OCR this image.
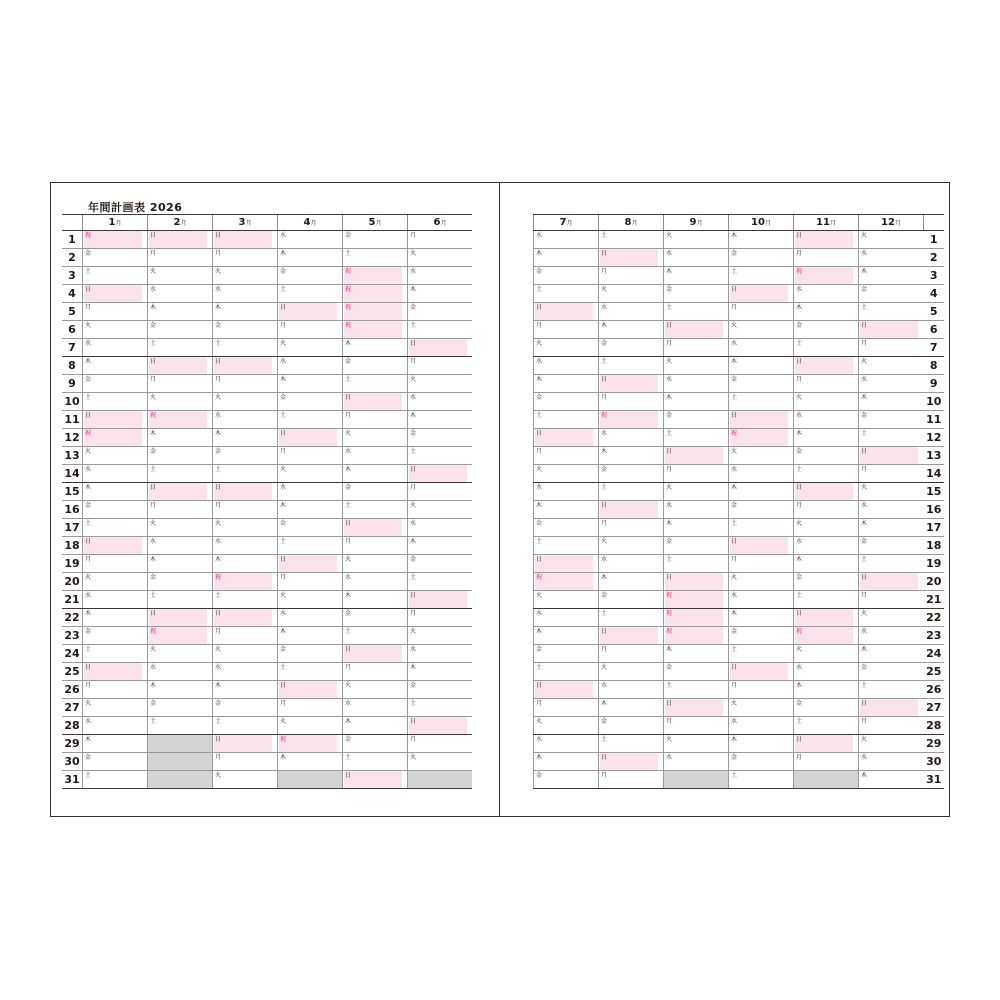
年間計画表 2026
	1月	2月	3月	4月	5月	6月
1	祝	日	日	水	金	月

2	金	月	月	木	土	火

3	土	火	火	金	祝	水

4	日	水	水	土	祝	木

5	月	木	木	日	祝	金

6	火	金	金	月	祝	土

7	水	土	土	火	木	日

8	木	日	日	水	金	月

9	金	月	月	木	土	火

10	土	火	火	金	日	水

11	日	祝	水	土	月	木

12	祝	木	木	日	火	金

13	火	金	金	月	水	土

14	水	土	土	火	木	日

15	木	日	日	水	金	月

16	金	月	月	木	土	火

17	土	火	火	金	日	水

18	日	水	水	土	月	木

19	月	木	木	日	火	金

20	火	金	祝	月	水	土

21	水	土	土	火	木	日

22	木	日	日	水	金	月

23	金	祝	月	木	土	火

24	土	火	火	金	日	水

25	日	水	水	土	月	木

26	月	木	木	日	火	金

27	火	金	金	月	水	土

28	水	土	土	火	木	日

29	木		日	祝	金	月

30	金		月	木	土	火

31	土		火		日	

7月	8月	9月	10月	11月	12月	

水	土	火	木	日	火	1

木	日	水	金	月	水	2

金	月	木	土	祝	木	3

土	火	金	日	水	金	4

日	水	土	月	木	土	5

月	木	日	火	金	日	6

火	金	月	水	土	月	7

水	土	火	木	日	火	8

木	日	水	金	月	水	9

金	月	木	土	火	木	10

土	祝	金	日	水	金	11

日	水	土	祝	木	土	12

月	木	日	火	金	日	13

火	金	月	水	土	月	14

水	土	火	木	日	火	15

木	日	水	金	月	水	16

金	月	木	土	火	木	17

土	火	金	日	水	金	18

日	水	土	月	木	土	19

祝	木	日	火	金	日	20

火	金	祝	水	土	月	21

水	土	祝	木	日	火	22

木	日	祝	金	祝	水	23

金	月	木	土	火	木	24

土	火	金	日	水	金	25

日	水	土	月	木	土	26

月	木	日	火	金	日	27

火	金	月	水	土	月	28

水	土	火	木	日	火	29

木	日	水	金	月	水	30

金	月		土		木	31
